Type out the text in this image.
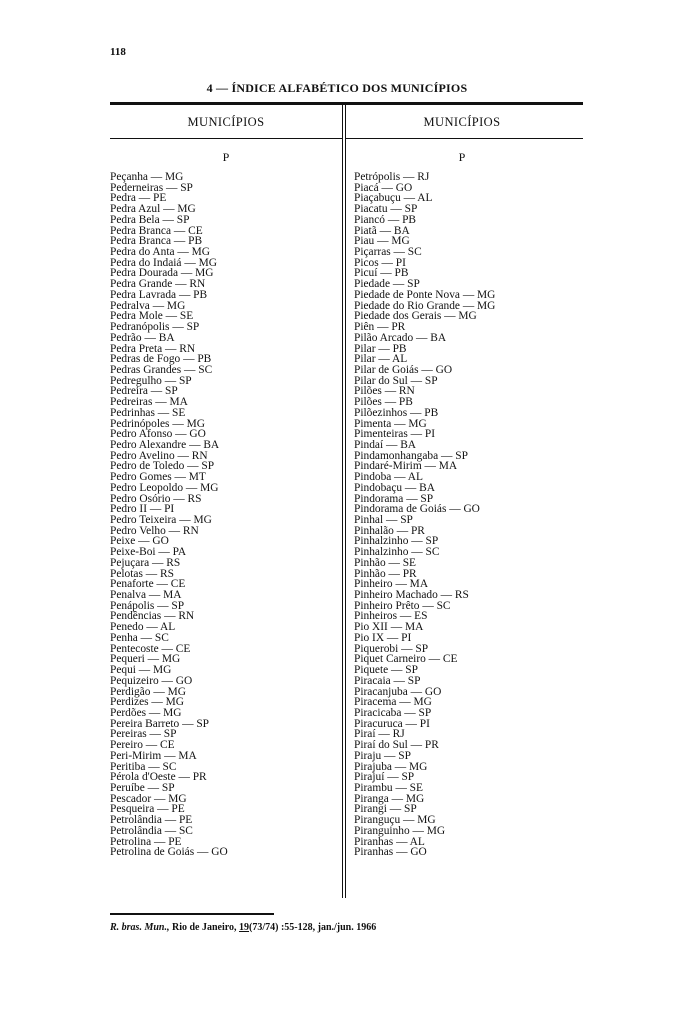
118
4 — ÍNDICE ALFABÉTICO DOS MUNICÍPIOS
MUNICÍPIOS	MUNICÍPIOS
P	P
Peçanha — MG
Pederneiras — SP
Pedra — PE
Pedra Azul — MG
Pedra Bela — SP
Pedra Branca — CE
Pedra Branca — PB
Pedra do Anta — MG
Pedra do Indaiá — MG
Pedra Dourada — MG
Pedra Grande — RN
Pedra Lavrada — PB
Pedralva — MG
Pedra Mole — SE
Pedranópolis — SP
Pedrão — BA
Pedra Preta — RN
Pedras de Fogo — PB
Pedras Grandes — SC
Pedregulho — SP
Pedreira — SP
Pedreiras — MA
Pedrinhas — SE
Pedrinópoles — MG
Pedro Afonso — GO
Pedro Alexandre — BA
Pedro Avelino — RN
Pedro de Toledo — SP
Pedro Gomes — MT
Pedro Leopoldo — MG
Pedro Osório — RS
Pedro II — PI
Pedro Teixeira — MG
Pedro Velho — RN
Peixe — GO
Peixe-Boi — PA
Pejuçara — RS
Pelotas — RS
Penaforte — CE
Penalva — MA
Penápolis — SP
Pendências — RN
Penedo — AL
Penha — SC
Pentecoste — CE
Pequeri — MG
Pequi — MG
Pequizeiro — GO
Perdigão — MG
Perdizes — MG
Perdões — MG
Pereira Barreto — SP
Pereiras — SP
Pereiro — CE
Peri-Mirim — MA
Peritiba — SC
Pérola d'Oeste — PR
Peruíbe — SP
Pescador — MG
Pesqueira — PE
Petrolândia — PE
Petrolândia — SC
Petrolina — PE
Petrolina de Goiás — GO
Petrópolis — RJ
Piacá — GO
Piaçabuçu — AL
Piacatu — SP
Piancó — PB
Piatã — BA
Piau — MG
Piçarras — SC
Picos — PI
Picuí — PB
Piedade — SP
Piedade de Ponte Nova — MG
Piedade do Rio Grande — MG
Piedade dos Gerais — MG
Piên — PR
Pilão Arcado — BA
Pilar — PB
Pilar — AL
Pilar de Goiás — GO
Pilar do Sul — SP
Pilões — RN
Pilões — PB
Pilõezinhos — PB
Pimenta — MG
Pimenteiras — PI
Pindaí — BA
Pindamonhangaba — SP
Pindaré-Mirim — MA
Pindoba — AL
Pindobaçu — BA
Pindorama — SP
Pindorama de Goiás — GO
Pinhal — SP
Pinhalão — PR
Pinhalzinho — SP
Pinhalzinho — SC
Pinhão — SE
Pinhão — PR
Pinheiro — MA
Pinheiro Machado — RS
Pinheiro Prêto — SC
Pinheiros — ES
Pio XII — MA
Pio IX — PI
Piquerobi — SP
Piquet Carneiro — CE
Piquete — SP
Piracaia — SP
Piracanjuba — GO
Piracema — MG
Piracicaba — SP
Piracuruca — PI
Piraí — RJ
Piraí do Sul — PR
Piraju — SP
Pirajuba — MG
Pirajuí — SP
Pirambu — SE
Piranga — MG
Pirangi — SP
Piranguçu — MG
Piranguinho — MG
Piranhas — AL
Piranhas — GO
R. bras. Mun., Rio de Janeiro, 19(73/74) :55-128, jan./jun. 1966
